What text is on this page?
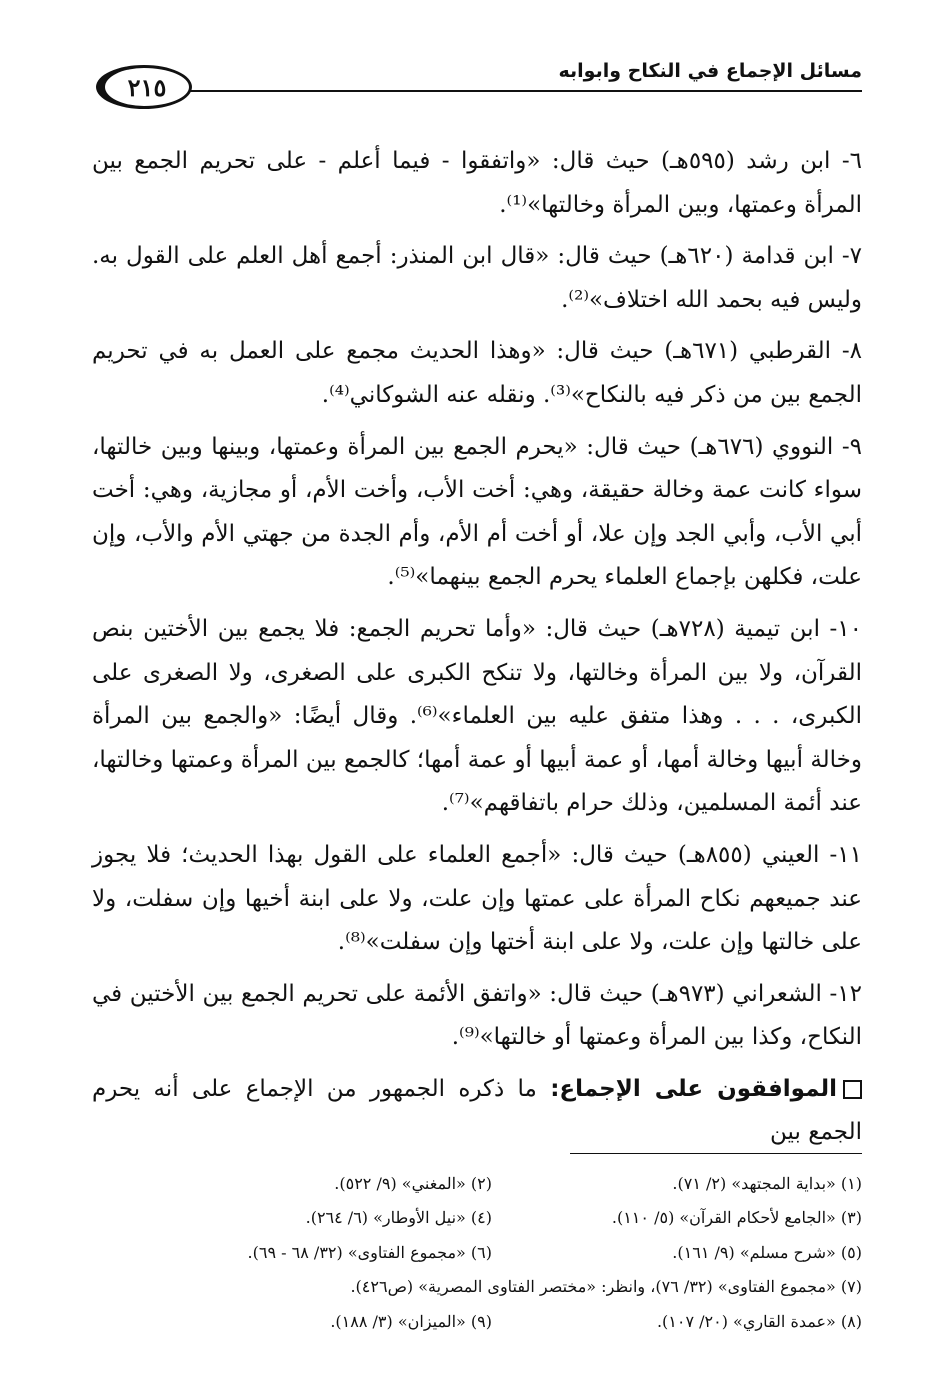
مسائل الإجماع في النكاح وابوابه
٢١٥

٦- ابن رشد (٥٩٥هـ) حيث قال: «واتفقوا - فيما أعلم - على تحريم الجمع بين المرأة وعمتها، وبين المرأة وخالتها»⁽¹⁾.

٧- ابن قدامة (٦٢٠هـ) حيث قال: «قال ابن المنذر: أجمع أهل العلم على القول به. وليس فيه بحمد الله اختلاف»⁽²⁾.

٨- القرطبي (٦٧١هـ) حيث قال: «وهذا الحديث مجمع على العمل به في تحريم الجمع بين من ذكر فيه بالنكاح»⁽³⁾. ونقله عنه الشوكاني⁽⁴⁾.

٩- النووي (٦٧٦هـ) حيث قال: «يحرم الجمع بين المرأة وعمتها، وبينها وبين خالتها، سواء كانت عمة وخالة حقيقة، وهي: أخت الأب، وأخت الأم، أو مجازية، وهي: أخت أبي الأب، وأبي الجد وإن علا، أو أخت أم الأم، وأم الجدة من جهتي الأم والأب، وإن علت، فكلهن بإجماع العلماء يحرم الجمع بينهما»⁽⁵⁾.

١٠- ابن تيمية (٧٢٨هـ) حيث قال: «وأما تحريم الجمع: فلا يجمع بين الأختين بنص القرآن، ولا بين المرأة وخالتها، ولا تنكح الكبرى على الصغرى، ولا الصغرى على الكبرى، . . . وهذا متفق عليه بين العلماء»⁽⁶⁾. وقال أيضًا: «والجمع بين المرأة وخالة أبيها وخالة أمها، أو عمة أبيها أو عمة أمها؛ كالجمع بين المرأة وعمتها وخالتها، عند أئمة المسلمين، وذلك حرام باتفاقهم»⁽⁷⁾.

١١- العيني (٨٥٥هـ) حيث قال: «أجمع العلماء على القول بهذا الحديث؛ فلا يجوز عند جميعهم نكاح المرأة على عمتها وإن علت، ولا على ابنة أخيها وإن سفلت، ولا على خالتها وإن علت، ولا على ابنة أختها وإن سفلت»⁽⁸⁾.

١٢- الشعراني (٩٧٣هـ) حيث قال: «واتفق الأئمة على تحريم الجمع بين الأختين في النكاح، وكذا بين المرأة وعمتها أو خالتها»⁽⁹⁾.

الموافقون على الإجماع: ما ذكره الجمهور من الإجماع على أنه يحرم الجمع بين

(١) «بداية المجتهد» (٢/ ٧١).
(٢) «المغني» (٩/ ٥٢٢).
(٣) «الجامع لأحكام القرآن» (٥/ ١١٠).
(٤) «نيل الأوطار» (٦/ ٢٦٤).
(٥) «شرح مسلم» (٩/ ١٦١).
(٦) «مجموع الفتاوى» (٣٢/ ٦٨ - ٦٩).
(٧) «مجموع الفتاوى» (٣٢/ ٧٦)، وانظر: «مختصر الفتاوى المصرية» (ص٤٢٦).
(٨) «عمدة القاري» (٢٠/ ١٠٧).
(٩) «الميزان» (٣/ ١٨٨).
